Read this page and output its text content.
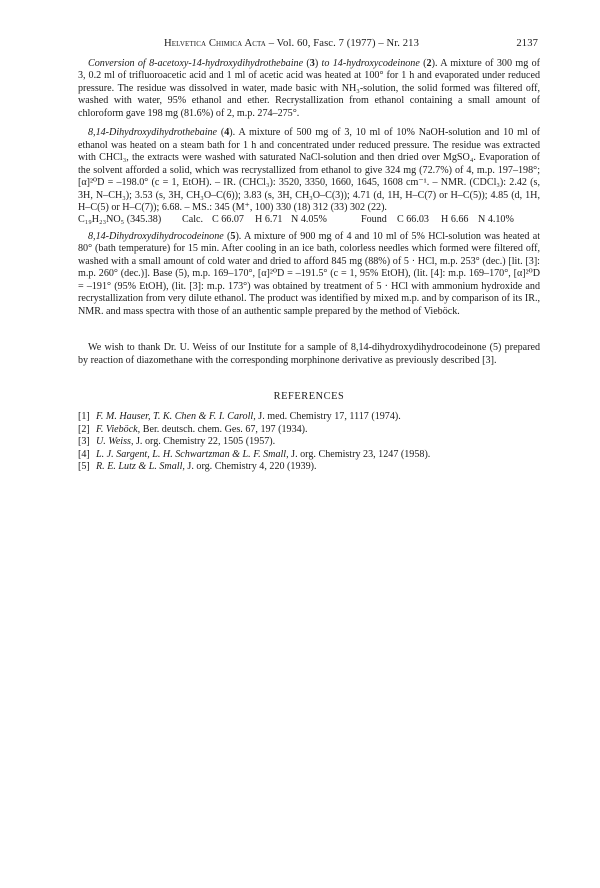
Helvetica Chimica Acta – Vol. 60, Fasc. 7 (1977) – Nr. 213	2137

Conversion of 8-acetoxy-14-hydroxydihydrothebaine (3) to 14-hydroxycodeinone (2). A mixture of 300 mg of 3, 0.2 ml of trifluoroacetic acid and 1 ml of acetic acid was heated at 100° for 1 h and evaporated under reduced pressure. The residue was dissolved in water, made basic with NH₃-solution, the solid formed was filtered off, washed with water, 95% ethanol and ether. Recrystallization from ethanol containing a small amount of chloroform gave 198 mg (81.6%) of 2, m.p. 274–275°.

8,14-Dihydroxydihydrothebaine (4). A mixture of 500 mg of 3, 10 ml of 10% NaOH-solution and 10 ml of ethanol was heated on a steam bath for 1 h and concentrated under reduced pressure. The residue was extracted with CHCl₃, the extracts were washed with saturated NaCl-solution and then dried over MgSO₄. Evaporation of the solvent afforded a solid, which was recrystallized from ethanol to give 324 mg (72.7%) of 4, m.p. 197–198°; [α]²⁰D = –198.0° (c = 1, EtOH). – IR. (CHCl₃): 3520, 3350, 1660, 1645, 1608 cm⁻¹. – NMR. (CDCl₃): 2.42 (s, 3H, N–CH₃); 3.53 (s, 3H, CH₃O–C(6)); 3.83 (s, 3H, CH₃O–C(3)); 4.71 (d, 1H, H–C(7) or H–C(5)); 4.85 (d, 1H, H–C(5) or H–C(7)); 6.68. – MS.: 345 (M⁺, 100) 330 (18) 312 (33) 302 (22).

C₁₉H₂₃NO₅ (345.38) Calc. C 66.07 H 6.71 N 4.05%	Found C 66.03 H 6.66 N 4.10%

8,14-Dihydroxydihydrocodeinone (5). A mixture of 900 mg of 4 and 10 ml of 5% HCl-solution was heated at 80° (bath temperature) for 15 min. After cooling in an ice bath, colorless needles which formed were filtered off, washed with a small amount of cold water and dried to afford 845 mg (88%) of 5 · HCl, m.p. 253° (dec.) [lit. [3]: m.p. 260° (dec.)]. Base (5), m.p. 169–170°, [α]²⁰D = –191.5° (c = 1, 95% EtOH), (lit. [4]: m.p. 169–170°, [α]²⁰D = –191° (95% EtOH), (lit. [3]: m.p. 173°) was obtained by treatment of 5 · HCl with ammonium hydroxide and recrystallization from very dilute ethanol. The product was identified by mixed m.p. and by comparison of its IR., NMR. and mass spectra with those of an authentic sample prepared by the method of Vieböck.

We wish to thank Dr. U. Weiss of our Institute for a sample of 8,14-dihydroxydihydrocodeinone (5) prepared by reaction of diazomethane with the corresponding morphinone derivative as previously described [3].

REFERENCES

[1] F. M. Hauser, T. K. Chen & F. I. Caroll, J. med. Chemistry 17, 1117 (1974).

[2] F. Vieböck, Ber. deutsch. chem. Ges. 67, 197 (1934).

[3] U. Weiss, J. org. Chemistry 22, 1505 (1957).

[4] L. J. Sargent, L. H. Schwartzman & L. F. Small, J. org. Chemistry 23, 1247 (1958).

[5] R. E. Lutz & L. Small, J. org. Chemistry 4, 220 (1939).
